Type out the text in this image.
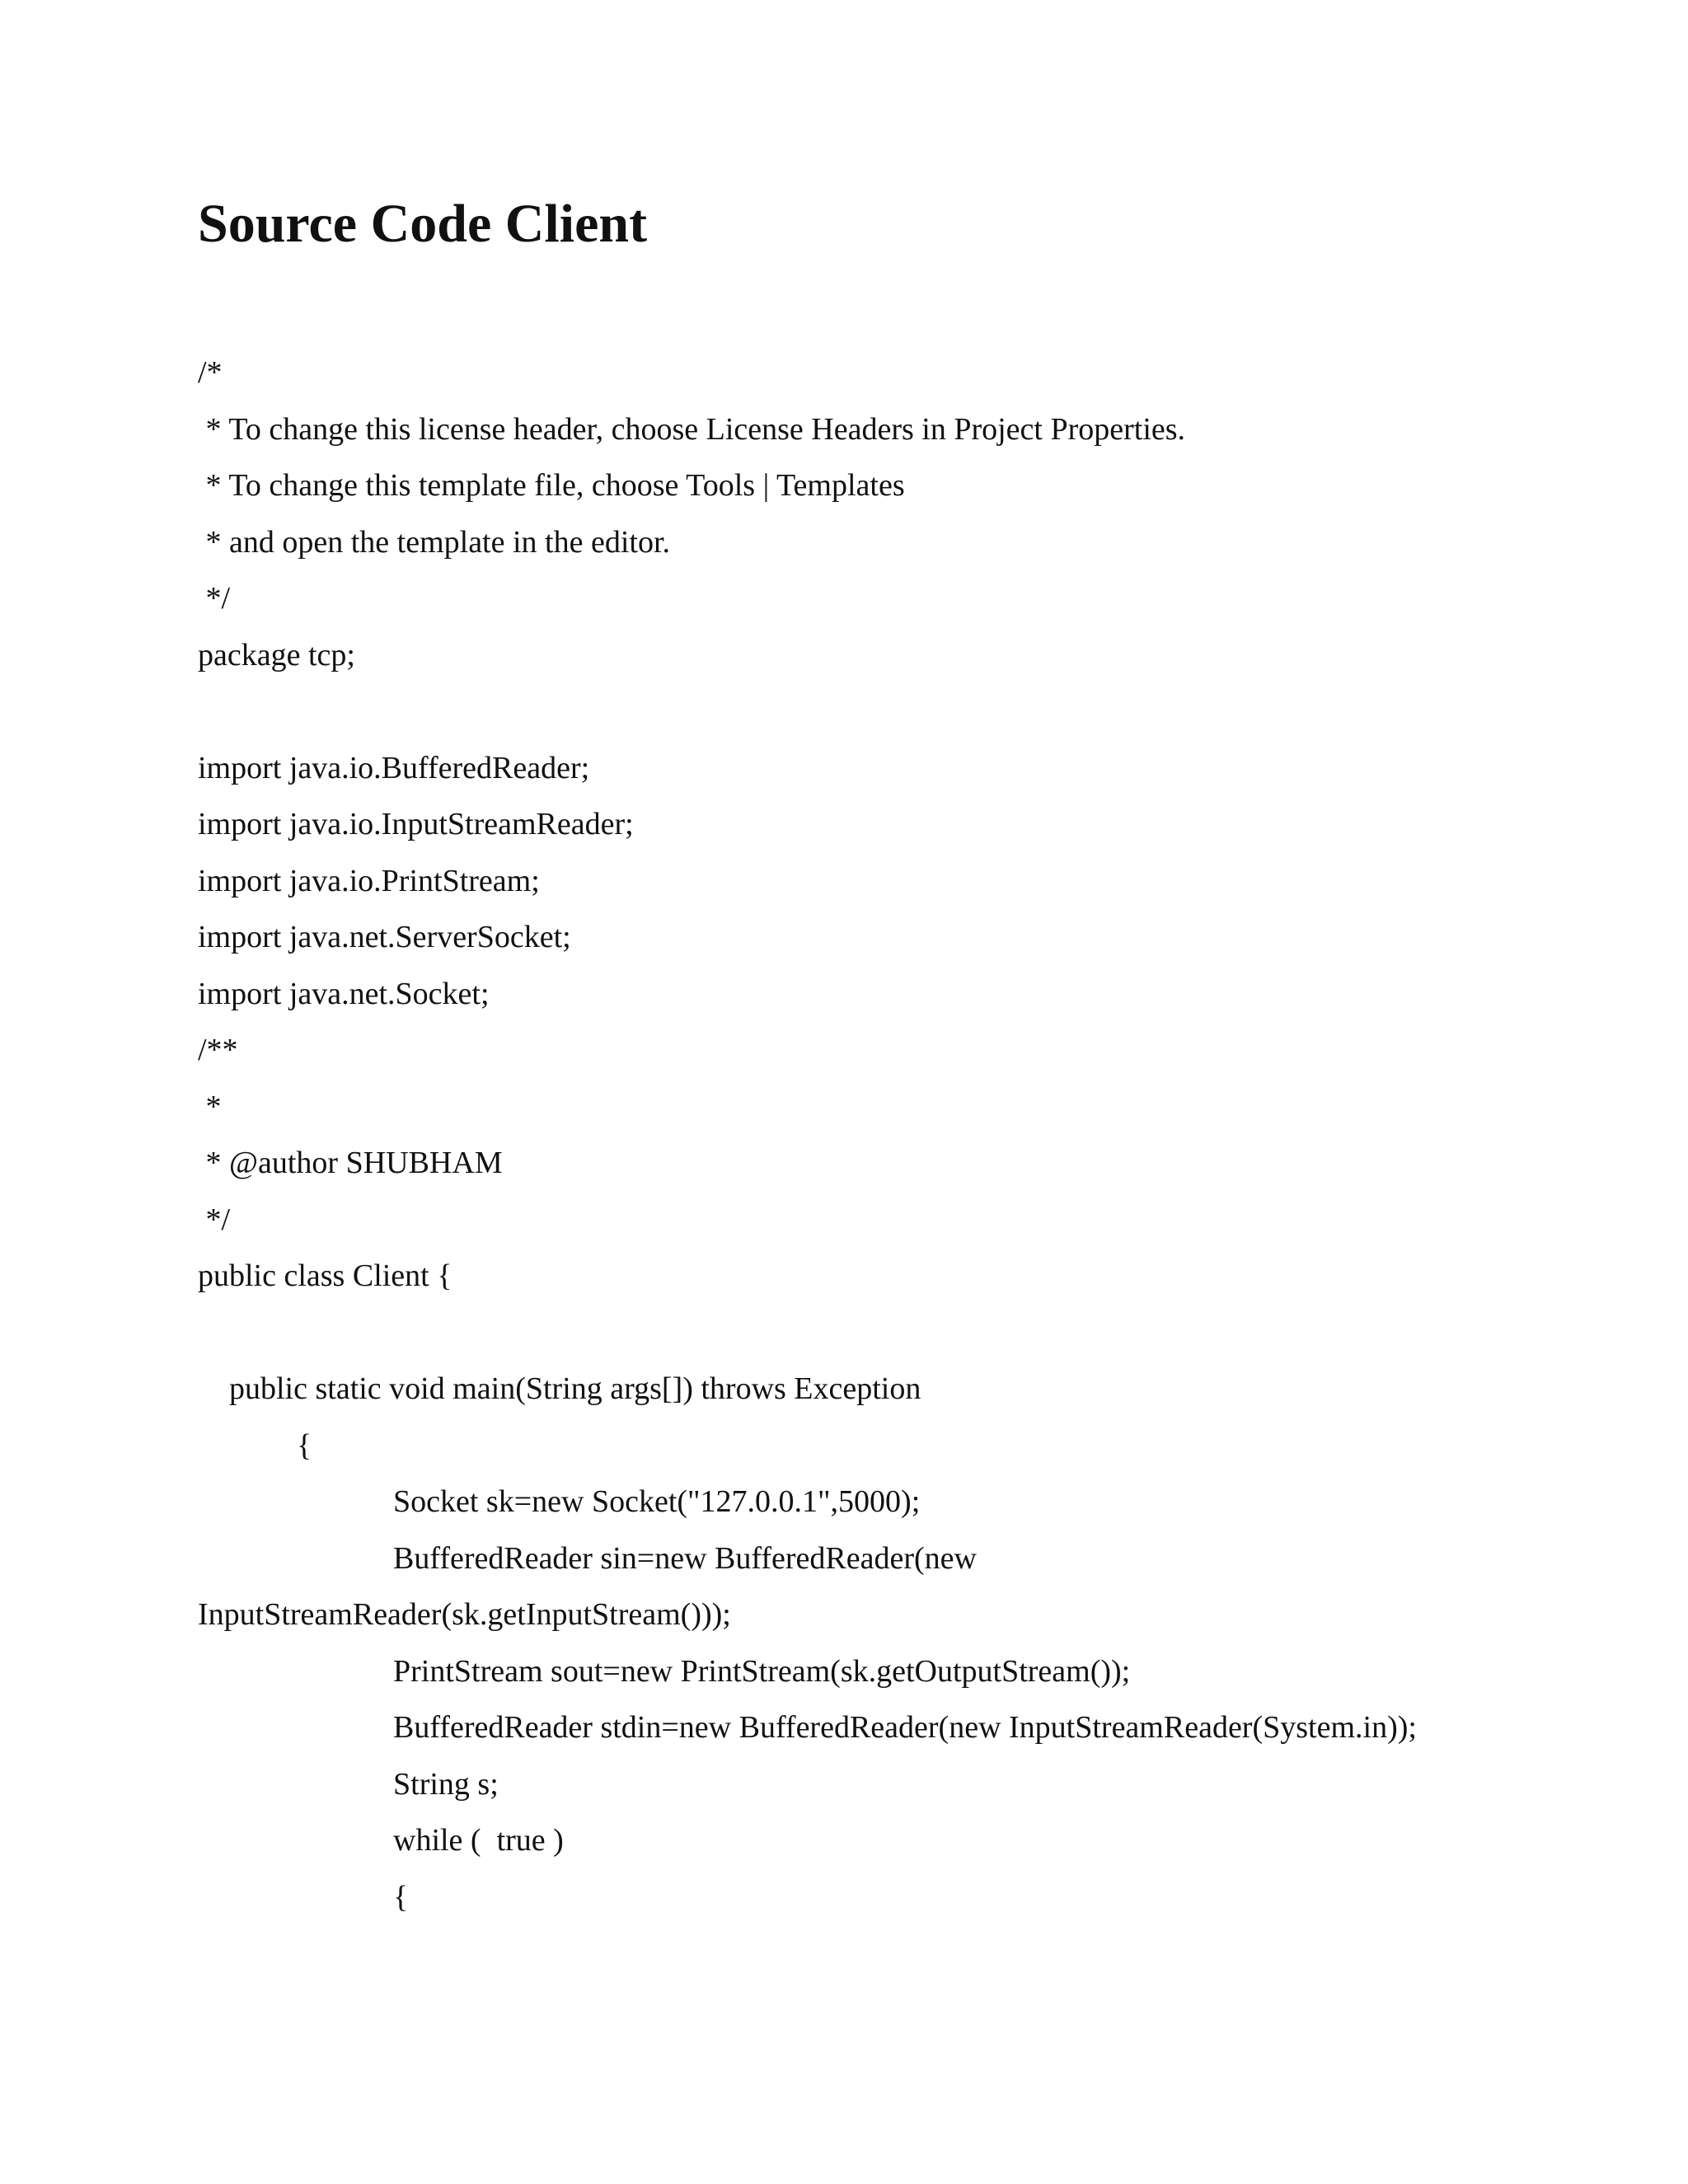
Source Code Client
/*
* To change this license header, choose License Headers in Project Properties.
* To change this template file, choose Tools | Templates
* and open the template in the editor.
*/
package tcp;
import java.io.BufferedReader;
import java.io.InputStreamReader;
import java.io.PrintStream;
import java.net.ServerSocket;
import java.net.Socket;
/**
*
* @author SHUBHAM
*/
public class Client {
public static void main(String args[]) throws Exception
{
Socket sk=new Socket("127.0.0.1",5000);
BufferedReader sin=new BufferedReader(new
InputStreamReader(sk.getInputStream()));
PrintStream sout=new PrintStream(sk.getOutputStream());
BufferedReader stdin=new BufferedReader(new InputStreamReader(System.in));
String s;
while (  true )
{
